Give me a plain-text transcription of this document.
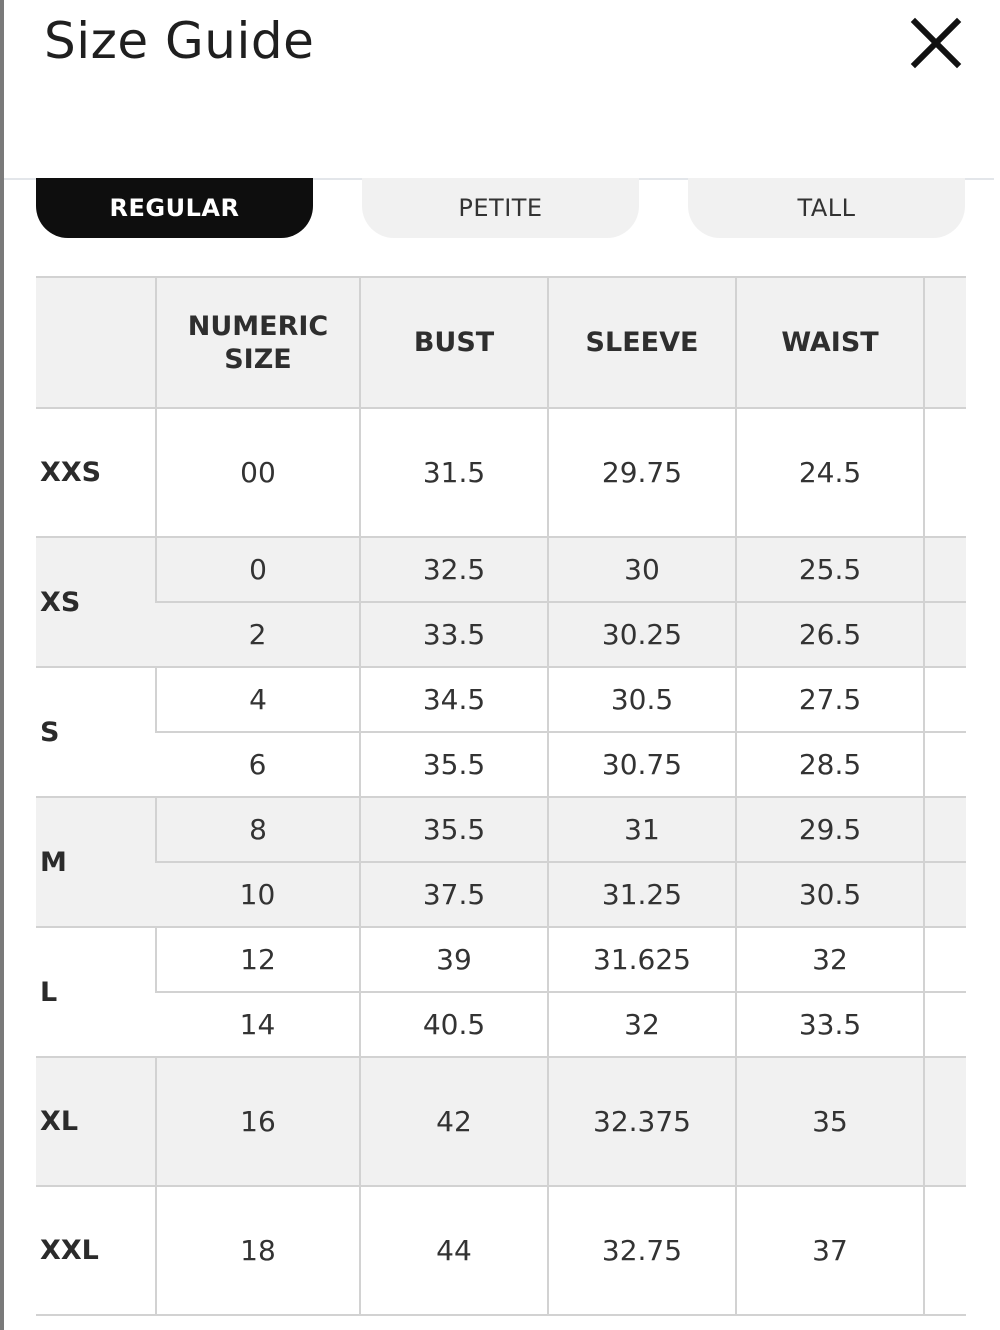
Size Guide
REGULAR	PETITE	TALL
	NUMERIC SIZE	BUST	SLEEVE	WAIST	
XXS	00	31.5	29.75	24.5	
XS	0	32.5	30	25.5	
	2	33.5	30.25	26.5	
S	4	34.5	30.5	27.5	
	6	35.5	30.75	28.5	
M	8	35.5	31	29.5	
	10	37.5	31.25	30.5	
L	12	39	31.625	32	
	14	40.5	32	33.5	
XL	16	42	32.375	35	
XXL	18	44	32.75	37	
